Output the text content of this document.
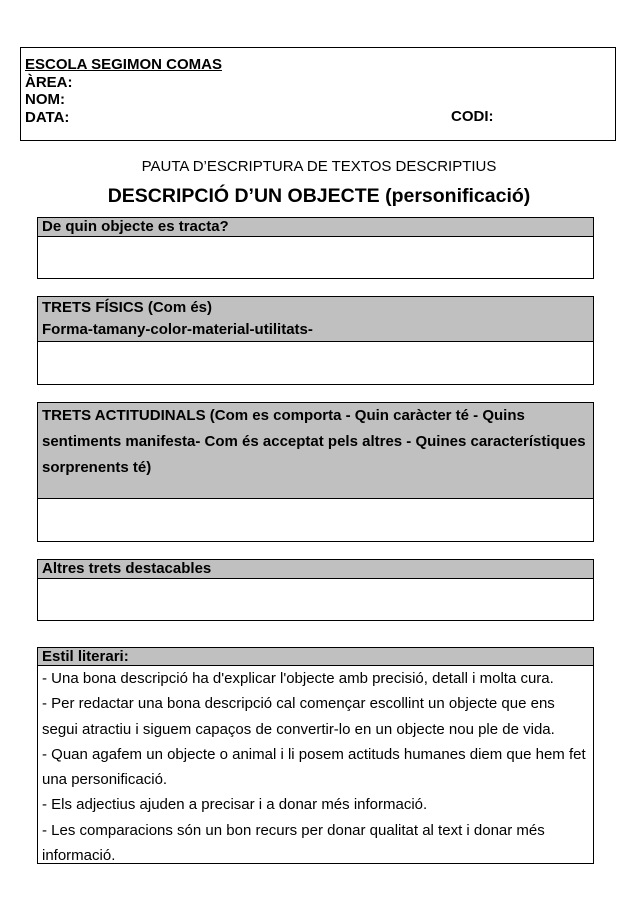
ESCOLA SEGIMON COMAS
ÀREA:
NOM:
DATA:	CODI:
PAUTA D’ESCRIPTURA DE TEXTOS DESCRIPTIUS
DESCRIPCIÓ D’UN OBJECTE (personificació)
De quin objecte es tracta?
TRETS FÍSICS (Com és)
Forma-tamany-color-material-utilitats-
TRETS ACTITUDINALS (Com es comporta - Quin caràcter té - Quins
sentiments manifesta- Com és acceptat pels altres - Quines característiques
sorprenents té)
Altres trets destacables
Estil literari:
- Una bona descripció ha d'explicar l'objecte amb precisió, detall i molta cura.
- Per redactar una bona descripció cal començar escollint un objecte que ens
segui atractiu i siguem capaços de convertir-lo en un objecte nou ple de vida.
- Quan agafem un objecte o animal i li posem actituds humanes diem que hem fet
una personificació.
- Els adjectius ajuden a precisar i a donar més informació.
- Les comparacions són un bon recurs per donar qualitat al text i donar més
informació.
